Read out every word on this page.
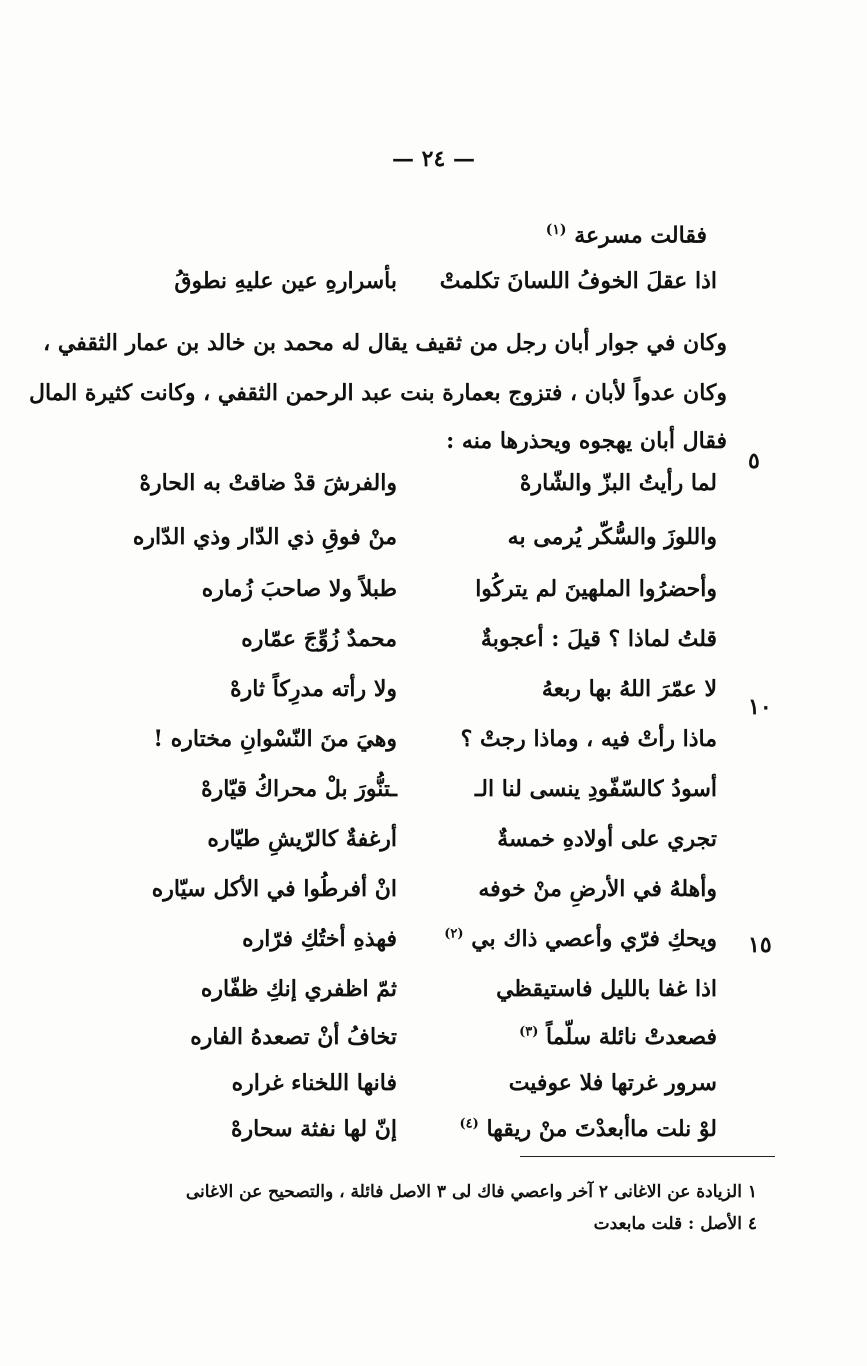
— ٢٤ —
فقالت مسرعة $^{(١)}$
اذا عقلَ الخوفُ اللسانَ تكلمتْ
بأسرارهِ عين عليهِ نطوقُ
وكان في جوار أبان رجل من ثقيف يقال له محمد بن خالد بن عمار الثقفي ،
وكان عدواً لأبان ، فتزوج بعمارة بنت عبد الرحمن الثقفي ، وكانت كثيرة المال
فقال أبان يهجوه ويحذرها منه :
٥
لما رأيتُ البزّ والشّارهْ
والفرشَ قدْ ضاقتْ به الحارهْ
واللوزَ والسُّكّر يُرمى به
منْ فوقِ ذي الدّار وذي الدّاره
وأحضرُوا الملهينَ لم يتركُوا
طبلاً ولا صاحبَ زُماره
قلتُ لماذا ؟ قيلَ : أعجوبةٌ
محمدٌ زُوِّجَ عمّاره
لا عمّرَ اللهُ بها ربعهُ
ولا رأته مدرِكاً ثارهْ
١٠
ماذا رأتْ فيه ، وماذا رجتْ ؟
وهيَ منَ النّسْوانِ مختاره !
أسودُ كالسّفّودِ ينسى لنا الـ
ـتنُّورَ بلْ محراكُ قيّارهْ
تجري على أولادهِ خمسةٌ
أرغفةٌ كالرّيشِ طيّاره
وأهلهُ في الأرضِ منْ خوفه
انْ أفرطُوا في الأكل سيّاره
ويحكِ فرّي وأعصي ذاك بي $^{(٢)}$
فهذهِ أختُكِ فرّاره	١٥
اذا غفا بالليل فاستيقظي
ثمّ اظفري إنكِ ظفّاره
فصعدتْ نائلة سلّماً $^{(٣)}$
تخافُ أنْ تصعدهُ الفاره
سرور غرتها فلا عوفيت
فانها اللخناء غراره
لوْ نلت ماأبعدْتَ منْ ريقها $^{(٤)}$
إنّ لها نفثة سحارهْ
١ الزيادة عن الاغانى ٢ آخر واعصي فاك لى ٣ الاصل فائلة ، والتصحيح عن الاغانى
٤ الأصل : قلت مابعدت
